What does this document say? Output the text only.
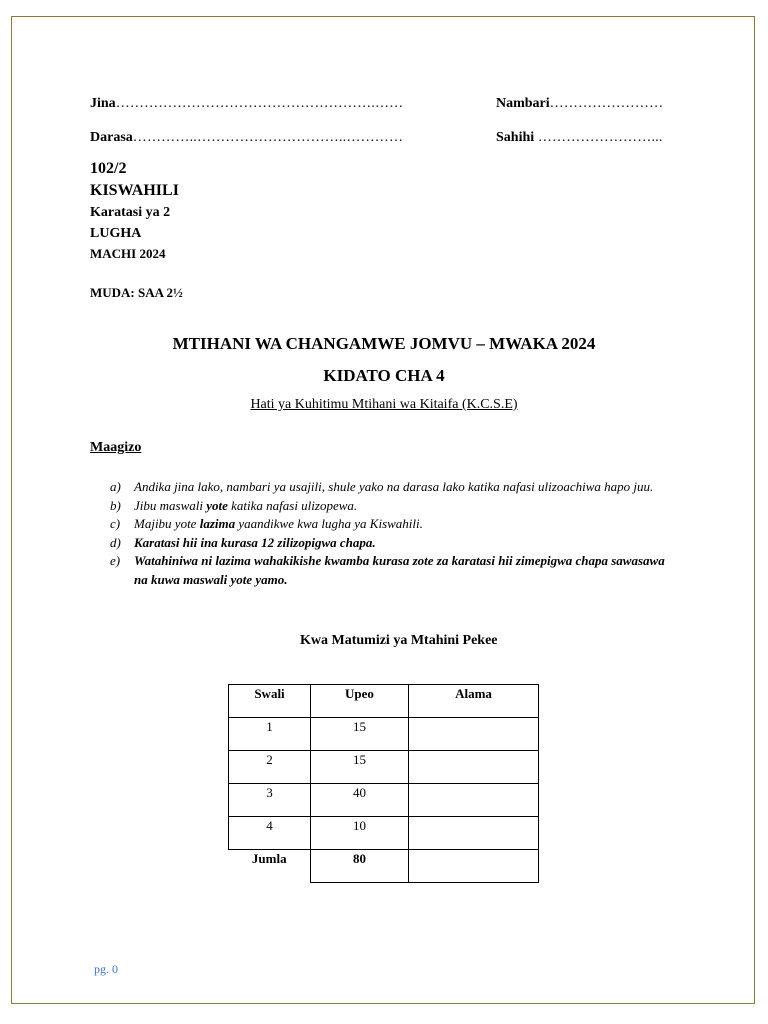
Jina……………………………………………….……	Nambari……………………
Darasa…………..…………………………..…………	Sahihi ……………………...
102/2
KISWAHILI
Karatasi ya 2
LUGHA
MACHI 2024
MUDA: SAA 2½
MTIHANI WA CHANGAMWE JOMVU – MWAKA 2024
KIDATO CHA 4
Hati ya Kuhitimu Mtihani wa Kitaifa (K.C.S.E)
Maagizo
a) Andika jina lako, nambari ya usajili, shule yako na darasa lako katika nafasi ulizoachiwa hapo juu.
b) Jibu maswali yote katika nafasi ulizopewa.
c) Majibu yote lazima yaandikwe kwa lugha ya Kiswahili.
d) Karatasi hii ina kurasa 12 zilizopigwa chapa.
e) Watahiniwa ni lazima wahakikishe kwamba kurasa zote za karatasi hii zimepigwa chapa sawasawa na kuwa maswali yote yamo.
Kwa Matumizi ya Mtahini Pekee
Swali	Upeo	Alama
1	15	
2	15	
3	40	
4	10	
Jumla	80	
pg. 0
